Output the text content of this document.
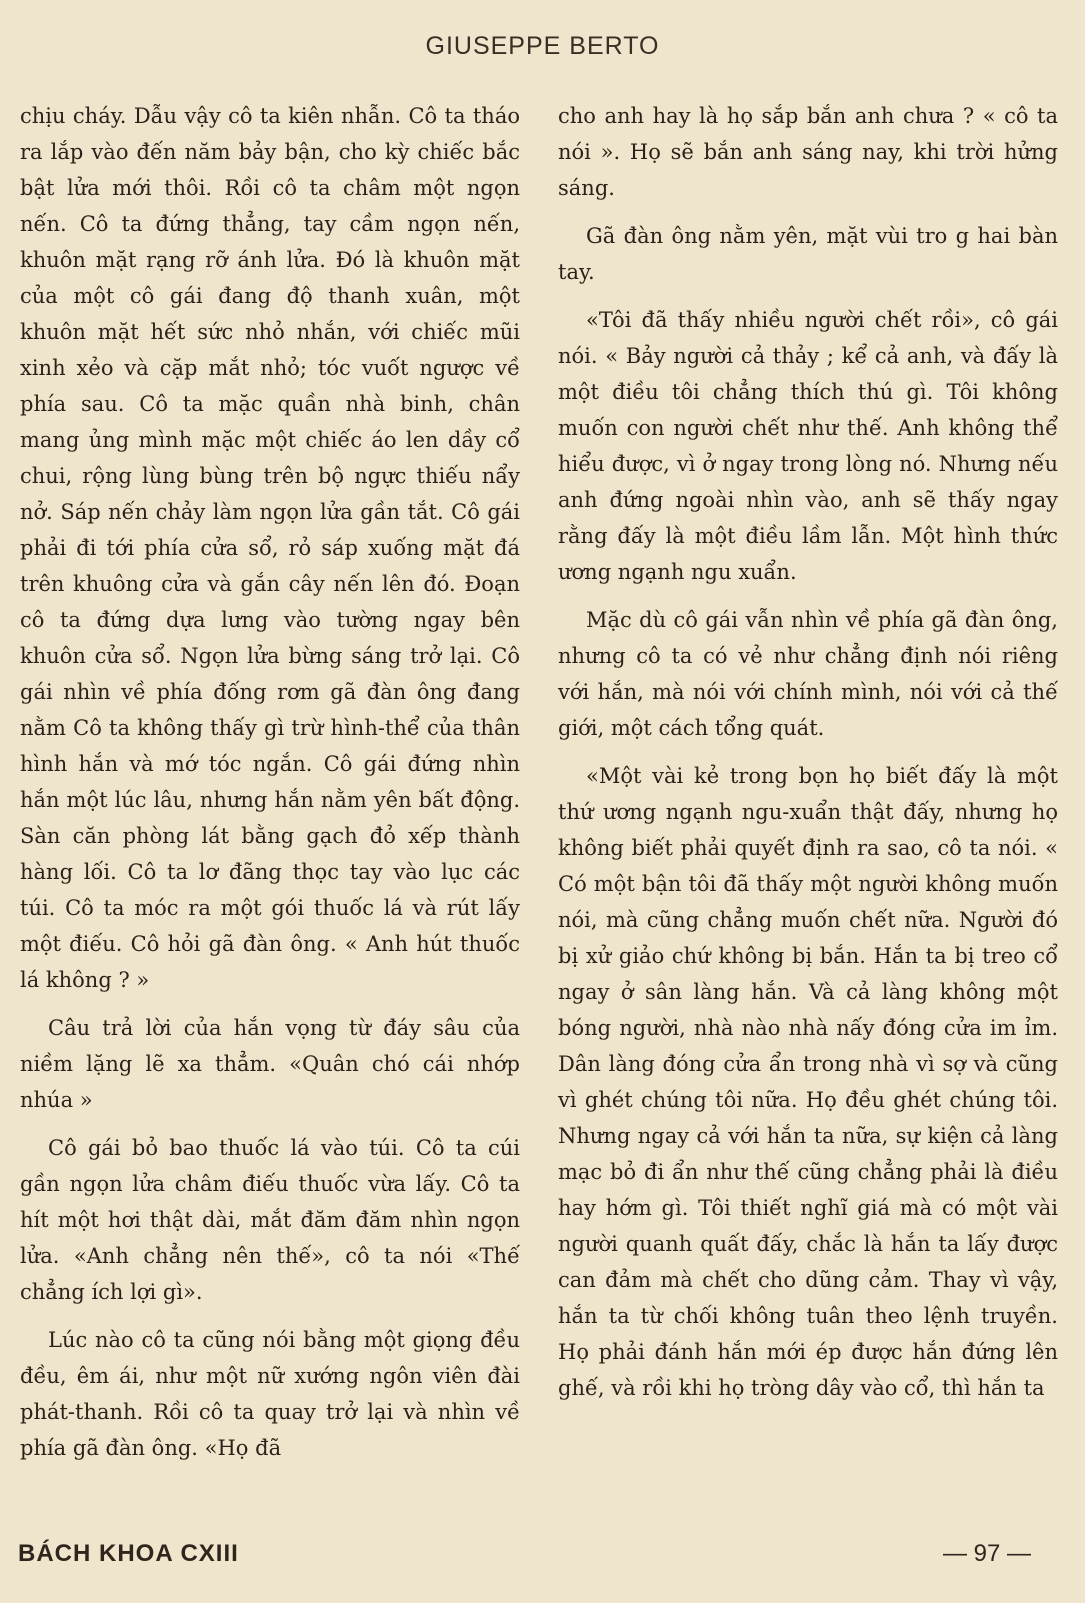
GIUSEPPE BERTO

chịu cháy. Dẫu vậy cô ta kiên nhẫn. Cô ta tháo ra lắp vào đến năm bảy bận, cho kỳ chiếc bắc bật lửa mới thôi. Rồi cô ta châm một ngọn nến. Cô ta đứng thẳng, tay cầm ngọn nến, khuôn mặt rạng rỡ ánh lửa. Đó là khuôn mặt của một cô gái đang độ thanh xuân, một khuôn mặt hết sức nhỏ nhắn, với chiếc mũi xinh xẻo và cặp mắt nhỏ; tóc vuốt ngược về phía sau. Cô ta mặc quần nhà binh, chân mang ủng mình mặc một chiếc áo len dầy cổ chui, rộng lùng bùng trên bộ ngực thiếu nẩy nở. Sáp nến chảy làm ngọn lửa gần tắt. Cô gái phải đi tới phía cửa sổ, rỏ sáp xuống mặt đá trên khuông cửa và gắn cây nến lên đó. Đoạn cô ta đứng dựa lưng vào tường ngay bên khuôn cửa sổ. Ngọn lửa bừng sáng trở lại. Cô gái nhìn về phía đống rơm gã đàn ông đang nằm Cô ta không thấy gì trừ hình-thể của thân hình hắn và mớ tóc ngắn. Cô gái đứng nhìn hắn một lúc lâu, nhưng hắn nằm yên bất động. Sàn căn phòng lát bằng gạch đỏ xếp thành hàng lối. Cô ta lơ đãng thọc tay vào lục các túi. Cô ta móc ra một gói thuốc lá và rút lấy một điếu. Cô hỏi gã đàn ông. « Anh hút thuốc lá không ? »

Câu trả lời của hắn vọng từ đáy sâu của niềm lặng lẽ xa thẳm. «Quân chó cái nhớp nhúa »

Cô gái bỏ bao thuốc lá vào túi. Cô ta cúi gần ngọn lửa châm điếu thuốc vừa lấy. Cô ta hít một hơi thật dài, mắt đăm đăm nhìn ngọn lửa. «Anh chẳng nên thế», cô ta nói «Thế chẳng ích lợi gì».

Lúc nào cô ta cũng nói bằng một giọng đều đều, êm ái, như một nữ xướng ngôn viên đài phát-thanh. Rồi cô ta quay trở lại và nhìn về phía gã đàn ông. «Họ đã

cho anh hay là họ sắp bắn anh chưa ? « cô ta nói ». Họ sẽ bắn anh sáng nay, khi trời hửng sáng.

Gã đàn ông nằm yên, mặt vùi tro g hai bàn tay.

«Tôi đã thấy nhiều người chết rồi», cô gái nói. « Bảy người cả thảy ; kể cả anh, và đấy là một điều tôi chẳng thích thú gì. Tôi không muốn con người chết như thế. Anh không thể hiểu được, vì ở ngay trong lòng nó. Nhưng nếu anh đứng ngoài nhìn vào, anh sẽ thấy ngay rằng đấy là một điều lầm lẫn. Một hình thức ương ngạnh ngu xuẩn.

Mặc dù cô gái vẫn nhìn về phía gã đàn ông, nhưng cô ta có vẻ như chẳng định nói riêng với hắn, mà nói với chính mình, nói với cả thế giới, một cách tổng quát.

«Một vài kẻ trong bọn họ biết đấy là một thứ ương ngạnh ngu-xuẩn thật đấy, nhưng họ không biết phải quyết định ra sao, cô ta nói. « Có một bận tôi đã thấy một người không muốn nói, mà cũng chẳng muốn chết nữa. Người đó bị xử giảo chứ không bị bắn. Hắn ta bị treo cổ ngay ở sân làng hắn. Và cả làng không một bóng người, nhà nào nhà nấy đóng cửa im ỉm. Dân làng đóng cửa ẩn trong nhà vì sợ và cũng vì ghét chúng tôi nữa. Họ đều ghét chúng tôi. Nhưng ngay cả với hắn ta nữa, sự kiện cả làng mạc bỏ đi ẩn như thế cũng chẳng phải là điều hay hớm gì. Tôi thiết nghĩ giá mà có một vài người quanh quất đấy, chắc là hắn ta lấy được can đảm mà chết cho dũng cảm. Thay vì vậy, hắn ta từ chối không tuân theo lệnh truyền. Họ phải đánh hắn mới ép được hắn đứng lên ghế, và rồi khi họ tròng dây vào cổ, thì hắn ta

BÁCH KHOA CXIII	— 97 —
